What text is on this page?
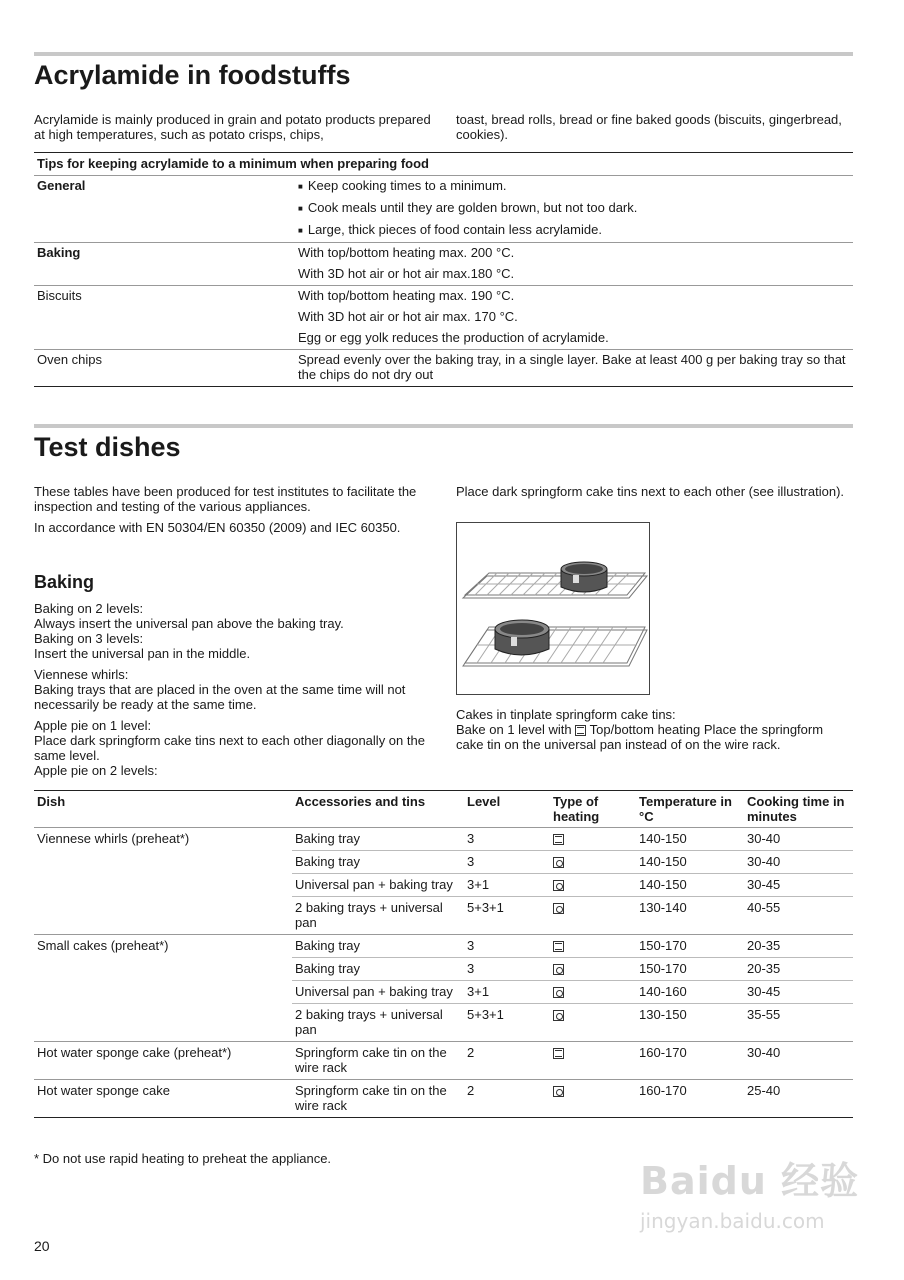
Acrylamide in foodstuffs
Acrylamide is mainly produced in grain and potato products prepared at high temperatures, such as potato crisps, chips,
toast, bread rolls, bread or fine baked goods (biscuits, gingerbread, cookies).
Tips for keeping acrylamide to a minimum when preparing food	
General	■ Keep cooking times to a minimum.
■ Cook meals until they are golden brown, but not too dark.
■ Large, thick pieces of food contain less acrylamide.

Baking	With top/bottom heating max. 200 °C.
With 3D hot air or hot air max.180 °C.

Biscuits	With top/bottom heating max. 190 °C.
With 3D hot air or hot air max. 170 °C.
Egg or egg yolk reduces the production of acrylamide.

Oven chips	Spread evenly over the baking tray, in a single layer. Bake at least 400 g per baking tray so that the chips do not dry out
Test dishes

These tables have been produced for test institutes to facilitate the inspection and testing of the various appliances.

In accordance with EN 50304/EN 60350 (2009) and IEC 60350.

Baking
Baking on 2 levels:
Always insert the universal pan above the baking tray.
Baking on 3 levels:
Insert the universal pan in the middle.
Viennese whirls:
Baking trays that are placed in the oven at the same time will not necessarily be ready at the same time.
Apple pie on 1 level:
Place dark springform cake tins next to each other diagonally on the same level.
Apple pie on 2 levels:
Place dark springform cake tins next to each other (see illustration).
Cakes in tinplate springform cake tins:
Bake on 1 level with Top/bottom heating Place the springform cake tin on the universal pan instead of on the wire rack.
Dish	Accessories and tins	Level	Type of heating	Temperature in °C	Cooking time in minutes
Viennese whirls (preheat*)	Baking tray	3		140-150	30-40
	Baking tray	3		140-150	30-40
	Universal pan + baking tray	3+1		140-150	30-45
	2 baking trays + universal pan	5+3+1		130-140	40-55
Small cakes (preheat*)	Baking tray	3		150-170	20-35
	Baking tray	3		150-170	20-35
	Universal pan + baking tray	3+1		140-160	30-45
	2 baking trays + universal pan	5+3+1		130-150	35-55
Hot water sponge cake (preheat*)	Springform cake tin on the wire rack	2		160-170	30-40
Hot water sponge cake	Springform cake tin on the wire rack	2		160-170	25-40
* Do not use rapid heating to preheat the appliance.
20
Baidu 经验
jingyan.baidu.com
